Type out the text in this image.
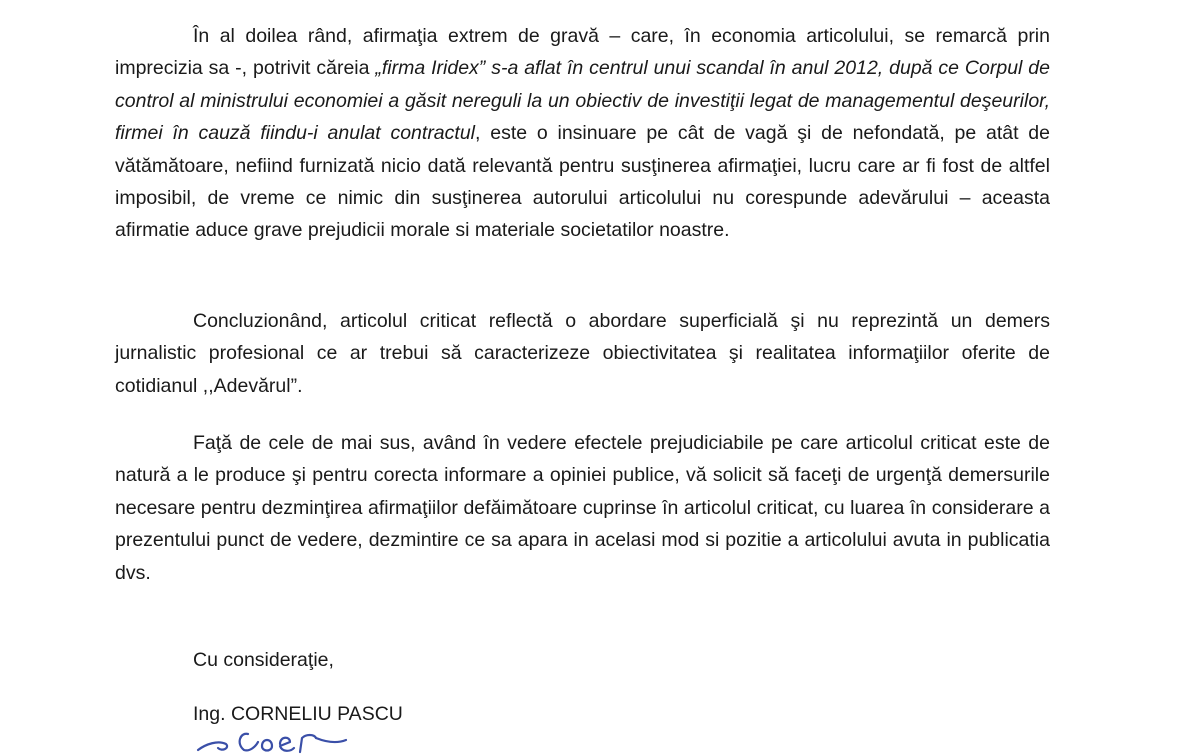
În al doilea rând, afirmaţia extrem de gravă – care, în economia articolului, se remarcă prin imprecizia sa -, potrivit căreia „firma Iridex” s-a aflat în centrul unui scandal în anul 2012, după ce Corpul de control al ministrului economiei a găsit nereguli la un obiectiv de investiţii legat de managementul deşeurilor, firmei în cauză fiindu-i anulat contractul, este o insinuare pe cât de vagă şi de nefondată, pe atât de vătămătoare, nefiind furnizată nicio dată relevantă pentru susţinerea afirmaţiei, lucru care ar fi fost de altfel imposibil, de vreme ce nimic din susţinerea autorului articolului nu corespunde adevărului – aceasta afirmatie aduce grave prejudicii morale si materiale societatilor noastre.

Concluzionând, articolul criticat reflectă o abordare superficială şi nu reprezintă un demers jurnalistic profesional ce ar trebui să caracterizeze obiectivitatea şi realitatea informaţiilor oferite de cotidianul ,,Adevărul”.

Faţă de cele de mai sus, având în vedere efectele prejudiciabile pe care articolul criticat este de natură a le produce şi pentru corecta informare a opiniei publice, vă solicit să faceţi de urgenţă demersurile necesare pentru dezminţirea afirmaţiilor defăimătoare cuprinse în articolul criticat, cu luarea în considerare a prezentului punct de vedere, dezmintire ce sa apara in acelasi mod si pozitie a articolului avuta in publicatia dvs.

Cu consideraţie,

Ing. CORNELIU PASCU
